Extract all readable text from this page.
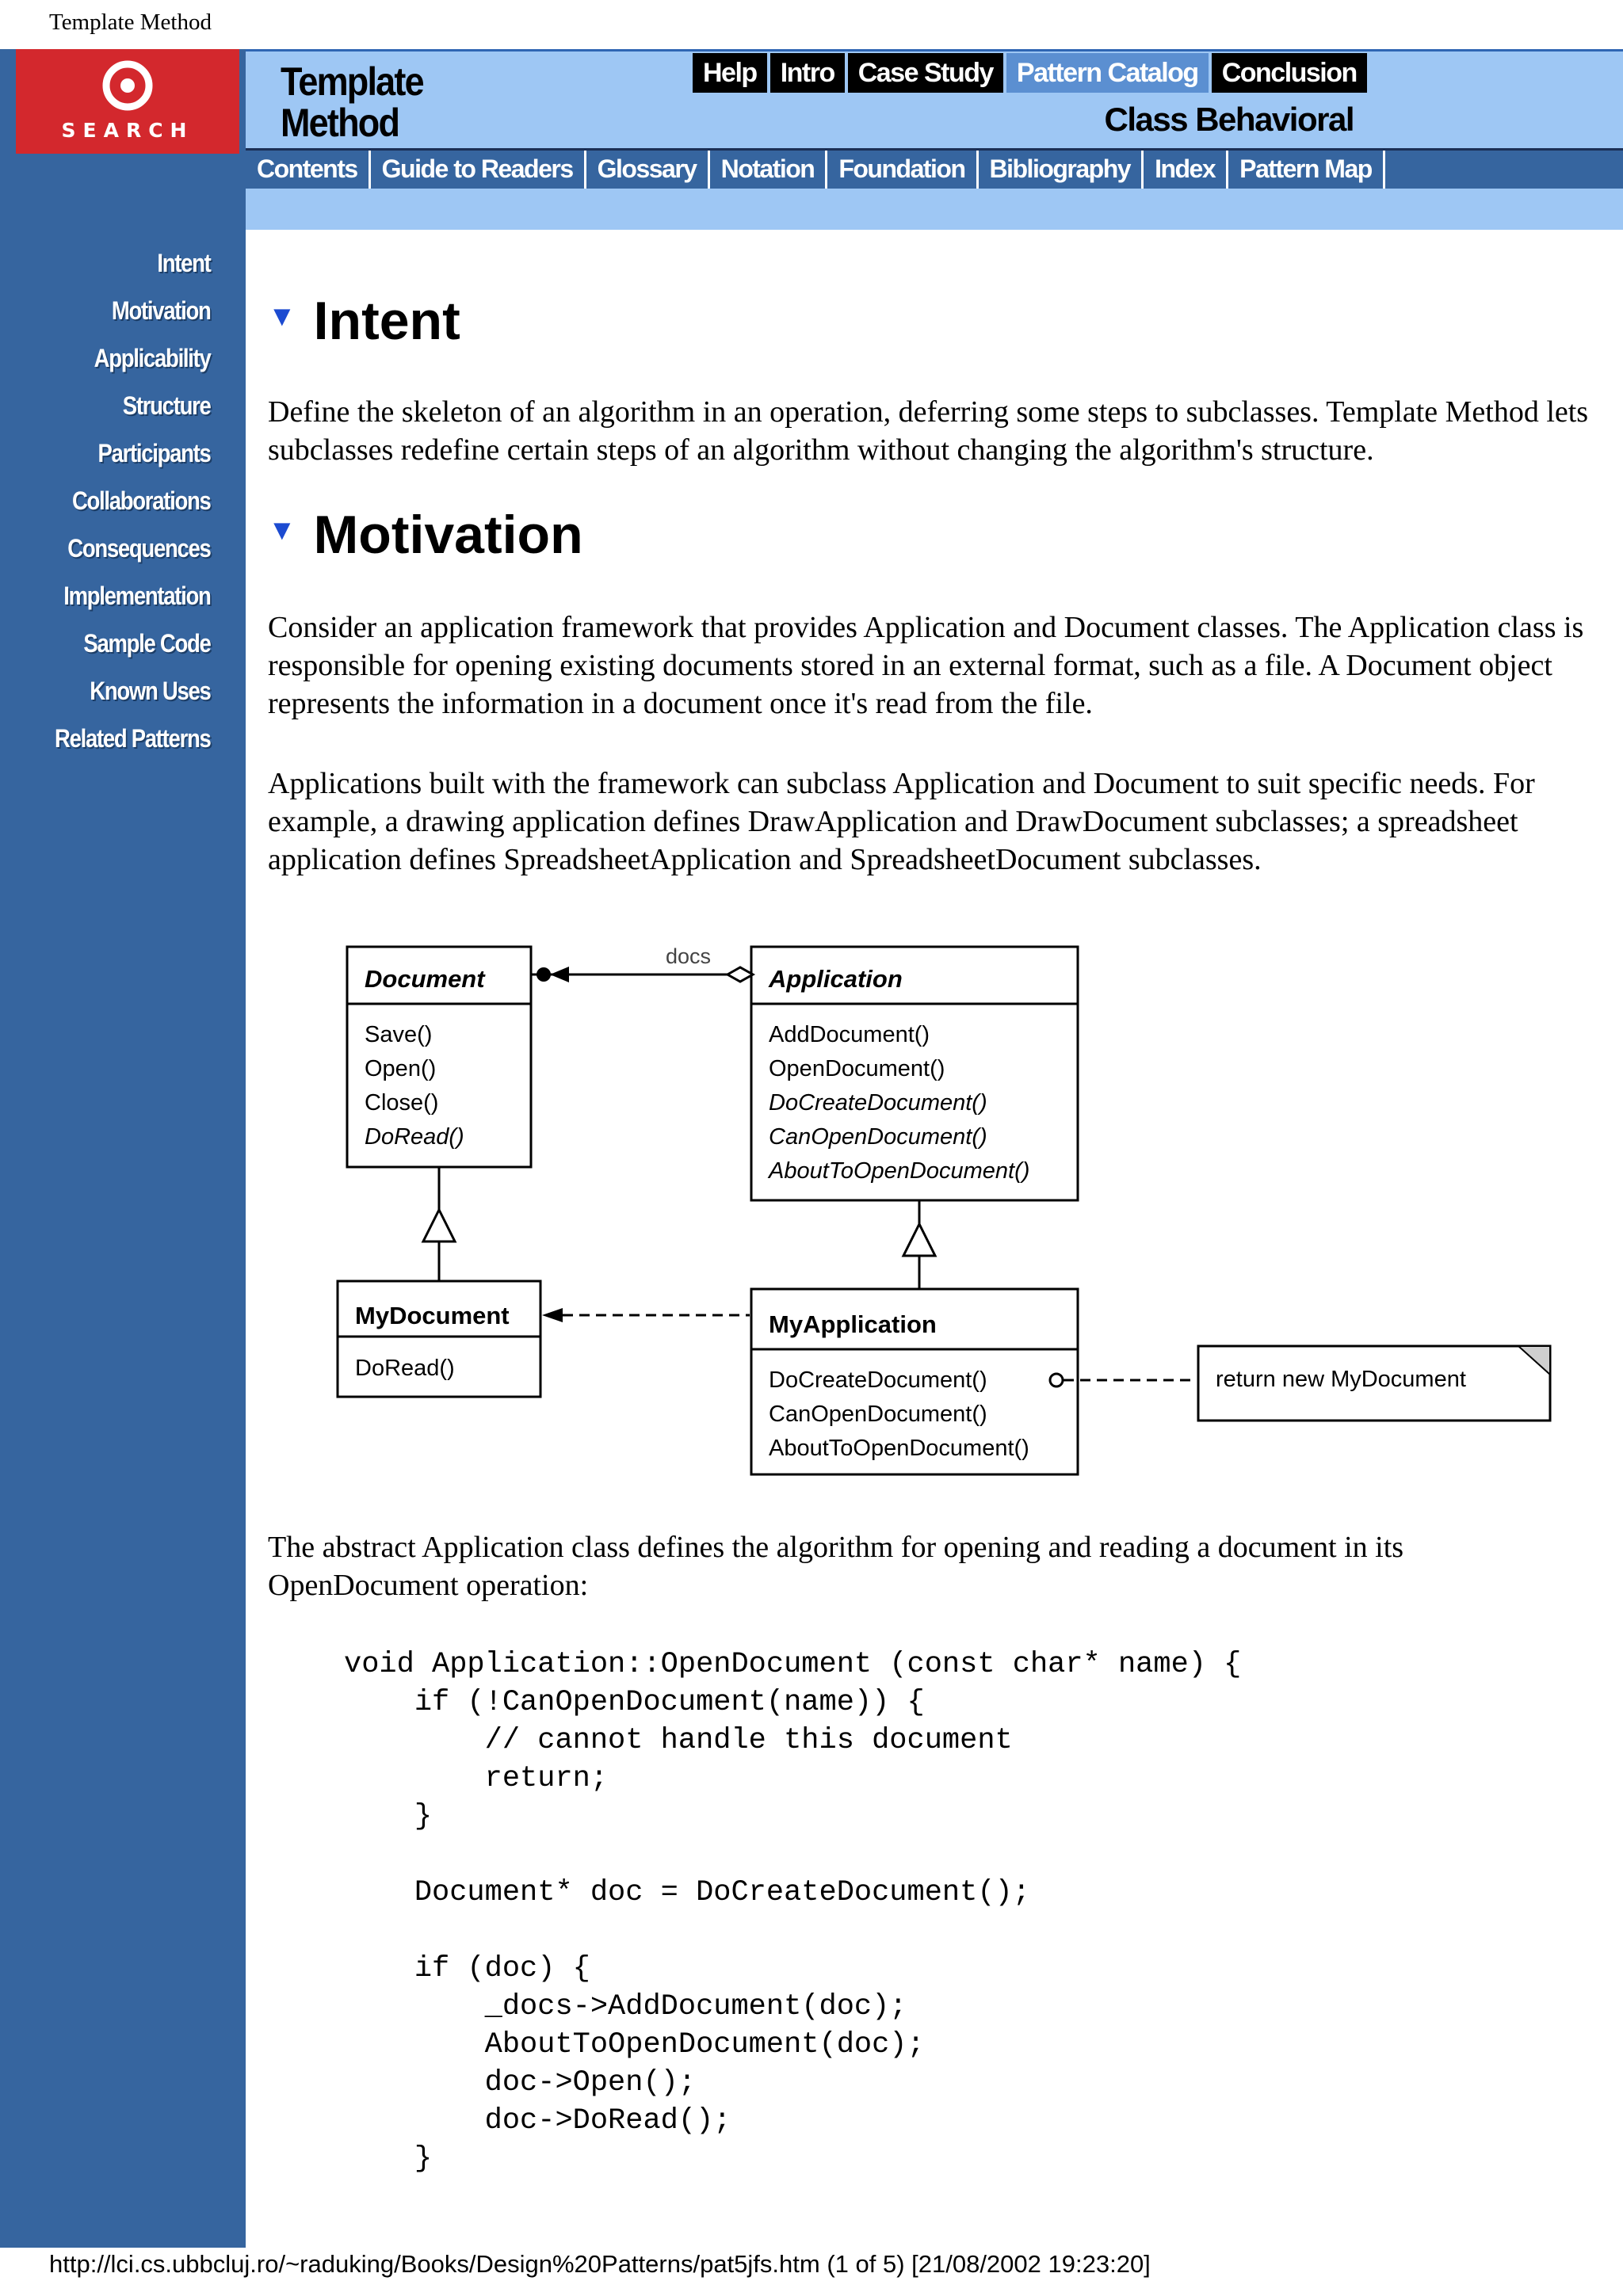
Template Method
Intent
Motivation
Applicability
Structure
Participants
Collaborations
Consequences
Implementation
Sample Code
Known Uses
Related Patterns
SEARCH
Template
Method
Help Intro Case Study Pattern Catalog Conclusion
Class Behavioral
Contents Guide to Readers Glossary Notation Foundation Bibliography Index Pattern Map
▼ Intent

Define the skeleton of an algorithm in an operation, deferring some steps to subclasses. Template Method lets subclasses redefine certain steps of an algorithm without changing the algorithm's structure.

▼ Motivation

Consider an application framework that provides Application and Document classes. The Application class is responsible for opening existing documents stored in an external format, such as a file. A Document object represents the information in a document once it's read from the file.

Applications built with the framework can subclass Application and Document to suit specific needs. For example, a drawing application defines DrawApplication and DrawDocument subclasses; a spreadsheet application defines SpreadsheetApplication and SpreadsheetDocument subclasses.

Document
Save()
Open()
Close()
DoRead()
Application
AddDocument()
OpenDocument()
DoCreateDocument()
CanOpenDocument()
AboutToOpenDocument()
docs
MyDocument
DoRead()
MyApplication
DoCreateDocument()
CanOpenDocument()
AboutToOpenDocument()
return new MyDocument

The abstract Application class defines the algorithm for opening and reading a document in its OpenDocument operation:

void Application::OpenDocument (const char* name) {
if (!CanOpenDocument(name)) {
// cannot handle this document
return;
}

Document* doc = DoCreateDocument();

if (doc) {
_docs->AddDocument(doc);
AboutToOpenDocument(doc);
doc->Open();
doc->DoRead();
}
http://lci.cs.ubbcluj.ro/~raduking/Books/Design%20Patterns/pat5jfs.htm (1 of 5) [21/08/2002 19:23:20]
